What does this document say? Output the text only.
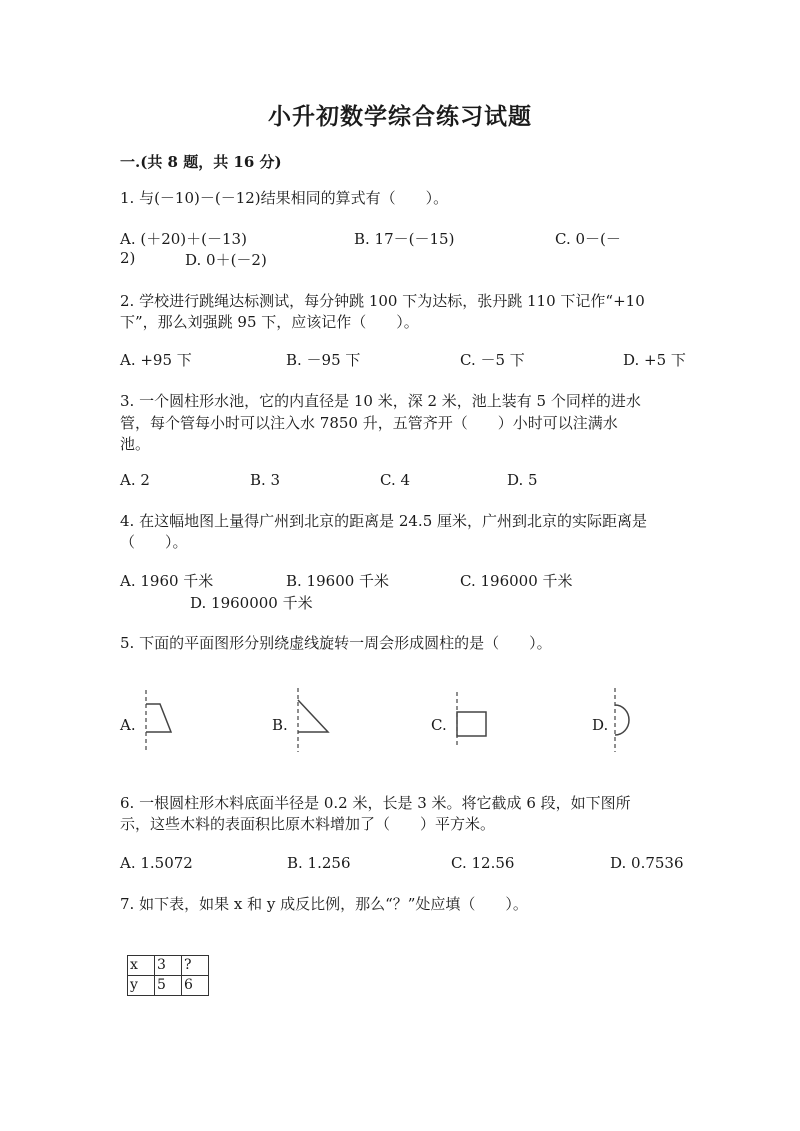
小升初数学综合练习试题
一.(共 8 题，共 16 分)
1. 与(－10)－(－12)结果相同的算式有（　　）。
A. (＋20)＋(－13)	B. 17－(－15)	C. 0－(－
2)	D. 0＋(－2)
2. 学校进行跳绳达标测试，每分钟跳 100 下为达标，张丹跳 110 下记作“+10
下”，那么刘强跳 95 下，应该记作（　　）。
A. +95 下	B. －95 下	C. －5 下	D. +5 下
3. 一个圆柱形水池，它的内直径是 10 米，深 2 米，池上装有 5 个同样的进水
管，每个管每小时可以注入水 7850 升，五管齐开（　　）小时可以注满水
池。
A. 2	B. 3	C. 4	D. 5
4. 在这幅地图上量得广州到北京的距离是 24.5 厘米，广州到北京的实际距离是
（　　）。
A. 1960 千米	B. 19600 千米	C. 196000 千米
D. 1960000 千米
5. 下面的平面图形分别绕虚线旋转一周会形成圆柱的是（　　）。
A.	B.	C.	D.
6. 一根圆柱形木料底面半径是 0.2 米，长是 3 米。将它截成 6 段，如下图所
示，这些木料的表面积比原木料增加了（　　）平方米。
A. 1.5072	B. 1.256	C. 12.56	D. 0.7536
7. 如下表，如果 x 和 y 成反比例，那么“？”处应填（　　）。
x	3	?
y	5	6
